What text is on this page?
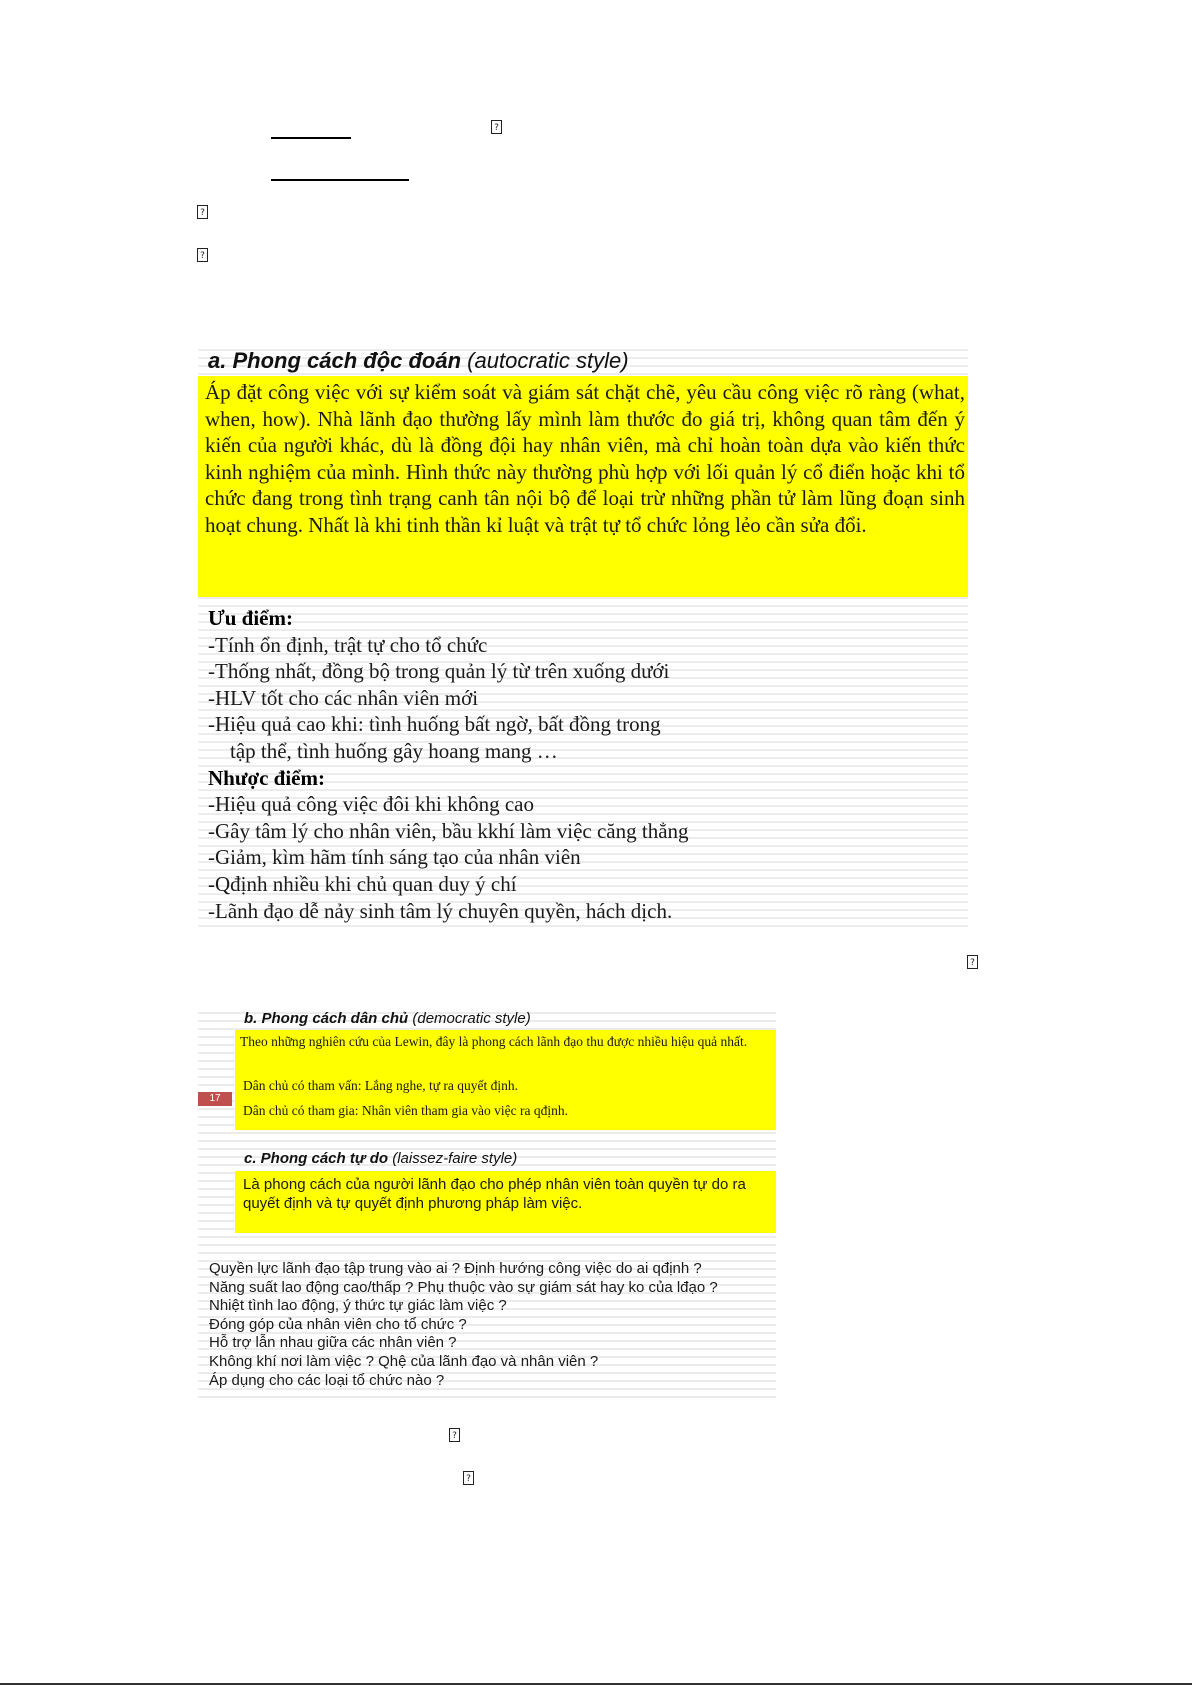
?
?
?
a. Phong cách độc đoán (autocratic style)
Áp đặt công việc với sự kiểm soát và giám sát chặt chẽ, yêu cầu công việc rõ ràng (what, when, how). Nhà lãnh đạo thường lấy mình làm thước đo giá trị, không quan tâm đến ý kiến của người khác, dù là đồng đội hay nhân viên, mà chỉ hoàn toàn dựa vào kiến thức kinh nghiệm của mình. Hình thức này thường phù hợp với lối quản lý cổ điển hoặc khi tổ chức đang trong tình trạng canh tân nội bộ để loại trừ những phần tử làm lũng đoạn sinh hoạt chung. Nhất là khi tinh thần kỉ luật và trật tự tổ chức lỏng lẻo cần sửa đổi.
Ưu điểm:
-Tính ổn định, trật tự cho tổ chức
-Thống nhất, đồng bộ trong quản lý từ trên xuống dưới
-HLV tốt cho các nhân viên mới
-Hiệu quả cao khi: tình huống bất ngờ, bất đồng trong
tập thể, tình huống gây hoang mang …
Nhược điểm:
-Hiệu quả công việc đôi khi không cao
-Gây tâm lý cho nhân viên, bầu kkhí làm việc căng thẳng
-Giảm, kìm hãm tính sáng tạo của nhân viên
-Qđịnh nhiều khi chủ quan duy ý chí
-Lãnh đạo dễ nảy sinh tâm lý chuyên quyền, hách dịch.
?
b. Phong cách dân chủ (democratic style)
Theo những nghiên cứu của Lewin, đây là phong cách lãnh đạo thu được nhiều hiệu quả nhất.
Dân chủ có tham vấn: Lắng nghe, tự ra quyết định.
Dân chủ có tham gia: Nhân viên tham gia vào việc ra qđịnh.
17
c. Phong cách tự do (laissez-faire style)
Là phong cách của người lãnh đạo cho phép nhân viên toàn quyền tự do ra quyết định và tự quyết định phương pháp làm việc.
Quyền lực lãnh đạo tập trung vào ai ? Định hướng công việc do ai qđịnh ?
Năng suất lao động cao/thấp ? Phụ thuộc vào sự giám sát hay ko của lđạo ?
Nhiệt tình lao động, ý thức tự giác làm việc ?
Đóng góp của nhân viên cho tổ chức ?
Hỗ trợ lẫn nhau giữa các nhân viên ?
Không khí nơi làm việc ? Qhệ của lãnh đạo và nhân viên ?
Áp dụng cho các loại tổ chức nào ?
?
?
